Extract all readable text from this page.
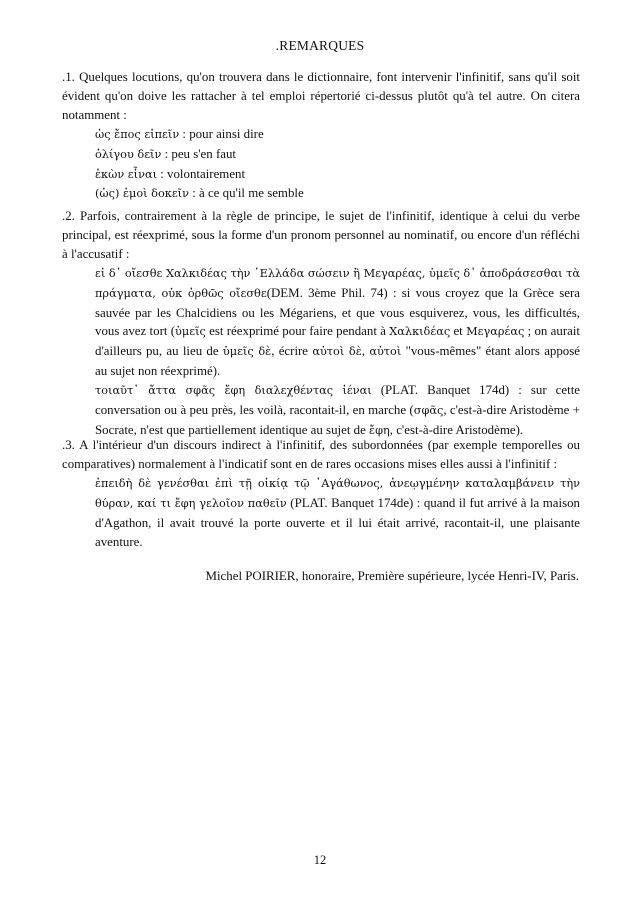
.REMARQUES

.1. Quelques locutions, qu'on trouvera dans le dictionnaire, font intervenir l'infinitif, sans qu'il soit évident qu'on doive les rattacher à tel emploi répertorié ci-dessus plutôt qu'à tel autre. On citera notamment :

ὡς ἔπος εἰπεῖν : pour ainsi dire

ὀλίγου δεῖν : peu s'en faut

ἑκὼν εἶναι : volontairement

(ὡς) ἐμοὶ δοκεῖν : à ce qu'il me semble

.2. Parfois, contrairement à la règle de principe, le sujet de l'infinitif, identique à celui du verbe principal, est réexprimé, sous la forme d'un pronom personnel au nominatif, ou encore d'un réfléchi à l'accusatif :

εἰ δ᾽ οἴεσθε Χαλκιδέας τὴν ῾Ελλάδα σώσειν ἢ Μεγαρέας, ὑμεῖς δ᾽ ἀποδράσεσθαι τὰ πράγματα, οὐκ ὀρθῶς οἴεσθε(DEM. 3ème Phil. 74) : si vous croyez que la Grèce sera sauvée par les Chalcidiens ou les Mégariens, et que vous esquiverez, vous, les difficultés, vous avez tort (ὑμεῖς est réexprimé pour faire pendant à Χαλκιδέας et Μεγαρέας ; on aurait d'ailleurs pu, au lieu de ὑμεῖς δὲ, écrire αὐτοὶ δὲ, αὐτοὶ "vous-mêmes" étant alors apposé au sujet non réexprimé).

τοιαῦτ᾽ ἄττα σφᾶς ἔφη διαλεχθέντας ἰέναι (PLAT. Banquet 174d) : sur cette conversation ou à peu près, les voilà, racontait-il, en marche (σφᾶς, c'est-à-dire Aristodème + Socrate, n'est que partiellement identique au sujet de ἔφη, c'est-à-dire Aristodème).

.3. A l'intérieur d'un discours indirect à l'infinitif, des subordonnées (par exemple temporelles ou comparatives) normalement à l'indicatif sont en de rares occasions mises elles aussi à l'infinitif :

ἐπειδὴ δὲ γενέσθαι ἐπὶ τῇ οἰκίᾳ τῷ ᾽Αγάθωνος, ἀνεῳγμένην καταλαμβάνειν τὴν θύραν, καί τι ἔφη γελοῖον παθεῖν (PLAT. Banquet 174de) : quand il fut arrivé à la maison d'Agathon, il avait trouvé la porte ouverte et il lui était arrivé, racontait-il, une plaisante aventure.

Michel POIRIER, honoraire, Première supérieure, lycée Henri-IV, Paris.
12
